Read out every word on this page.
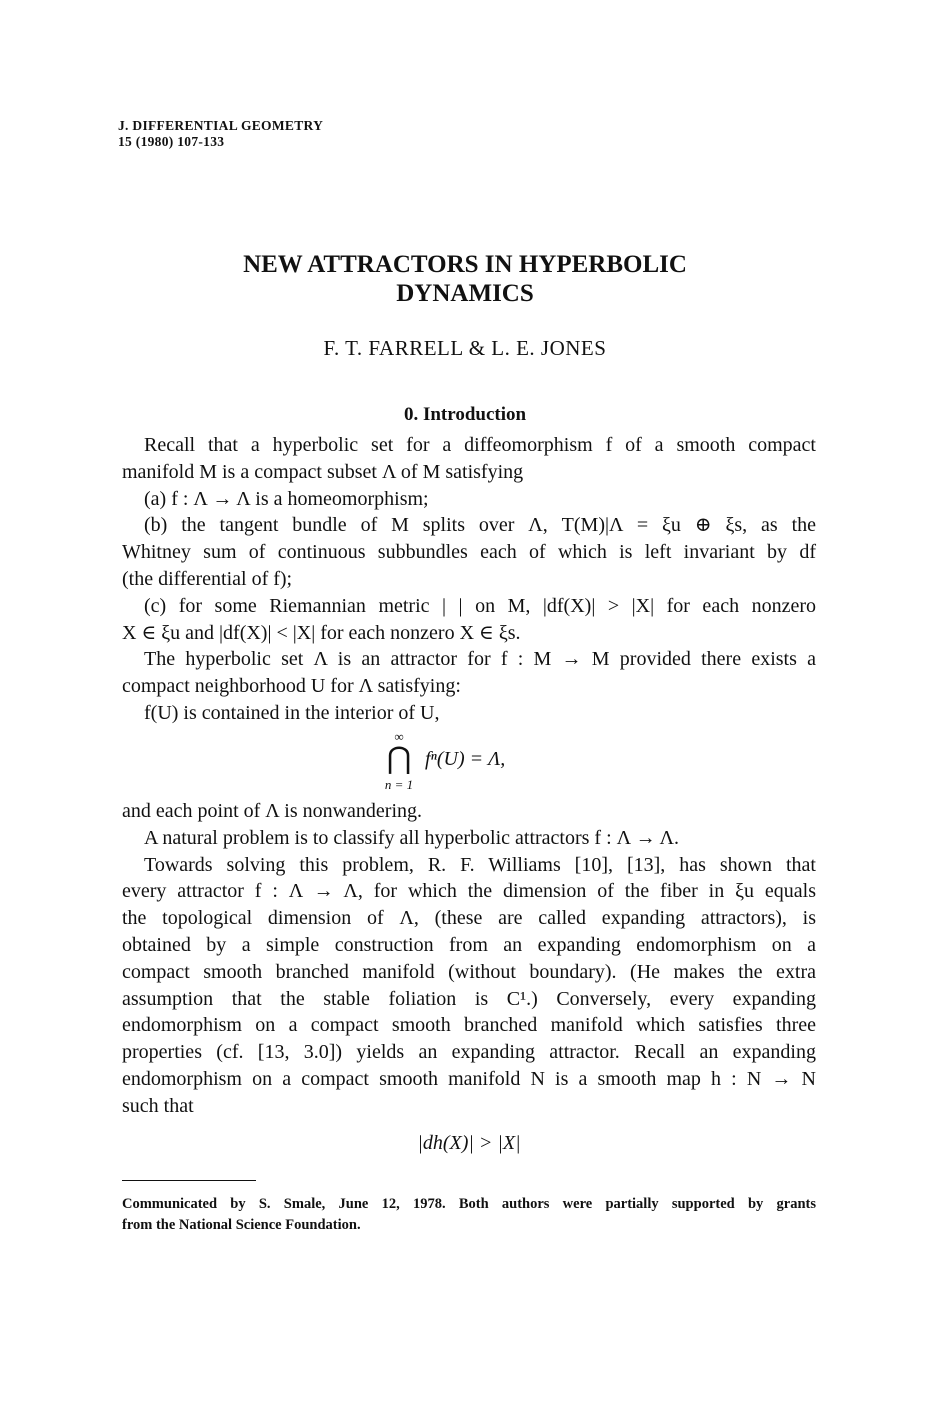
J. DIFFERENTIAL GEOMETRY
15 (1980) 107-133
NEW ATTRACTORS IN HYPERBOLIC
DYNAMICS
F. T. FARRELL & L. E. JONES
0. Introduction
Recall that a hyperbolic set for a diffeomorphism f of a smooth compact
manifold M is a compact subset Λ of M satisfying
(a) f : Λ → Λ is a homeomorphism;
(b) the tangent bundle of M splits over Λ, T(M)|Λ = ξu ⊕ ξs, as the
Whitney sum of continuous subbundles each of which is left invariant by df
(the differential of f);
(c) for some Riemannian metric | | on M, |df(X)| > |X| for each nonzero
X ∈ ξu and |df(X)| < |X| for each nonzero X ∈ ξs.
The hyperbolic set Λ is an attractor for f : M → M provided there exists a
compact neighborhood U for Λ satisfying:
f(U) is contained in the interior of U,
∞
⋂
n = 1
fⁿ(U) = Λ,
and each point of Λ is nonwandering.
A natural problem is to classify all hyperbolic attractors f : Λ → Λ.
Towards solving this problem, R. F. Williams [10], [13], has shown that
every attractor f : Λ → Λ, for which the dimension of the fiber in ξu equals
the topological dimension of Λ, (these are called expanding attractors), is
obtained by a simple construction from an expanding endomorphism on a
compact smooth branched manifold (without boundary). (He makes the extra
assumption that the stable foliation is C¹.) Conversely, every expanding
endomorphism on a compact smooth branched manifold which satisfies three
properties (cf. [13, 3.0]) yields an expanding attractor. Recall an expanding
endomorphism on a compact smooth manifold N is a smooth map h : N → N
such that
|dh(X)| > |X|
Communicated by S. Smale, June 12, 1978. Both authors were partially supported by grants
from the National Science Foundation.
